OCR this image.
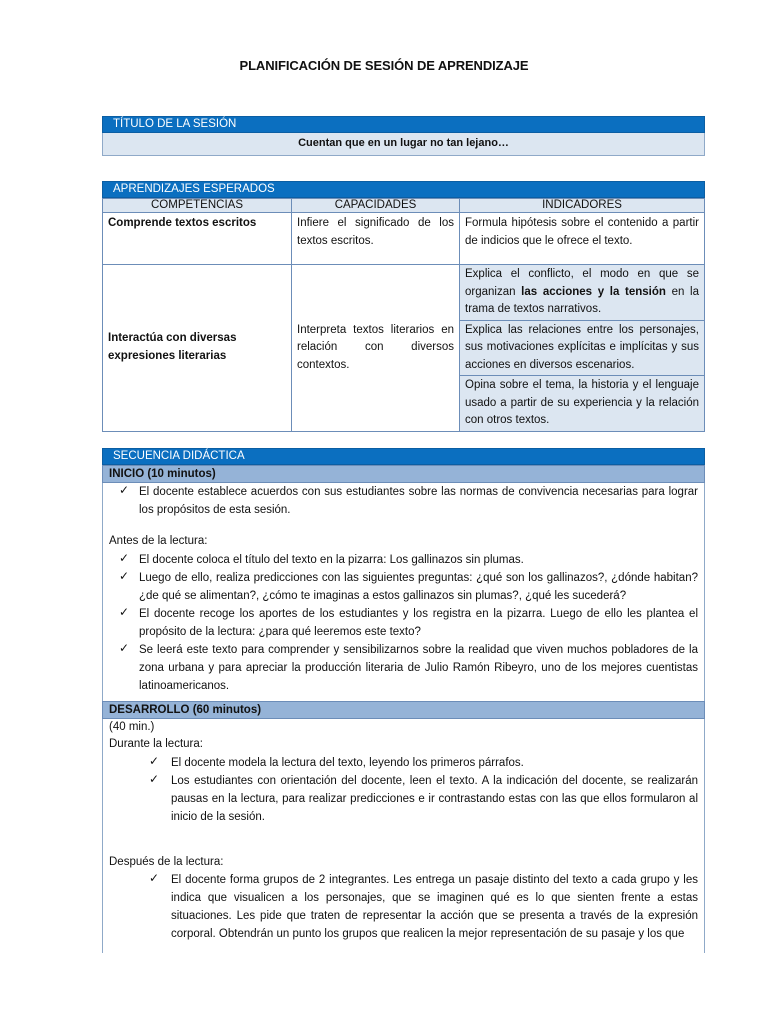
PLANIFICACIÓN DE SESIÓN DE APRENDIZAJE
TÍTULO DE LA SESIÓN
Cuentan que en un lugar no tan lejano…
APRENDIZAJES ESPERADOS
COMPETENCIAS	CAPACIDADES	INDICADORES
Comprende textos escritos	Infiere el significado de los textos escritos.	Formula hipótesis sobre el contenido a partir de indicios que le ofrece el texto.
Interactúa con diversas expresiones literarias	Interpreta textos literarios en relación con diversos contextos.	Explica el conflicto, el modo en que se organizan las acciones y la tensión en la trama de textos narrativos.
Explica las relaciones entre los personajes, sus motivaciones explícitas e implícitas y sus acciones en diversos escenarios.
Opina sobre el tema, la historia y el lenguaje usado a partir de su experiencia y la relación con otros textos.
SECUENCIA DIDÁCTICA
INICIO (10 minutos)
✓ El docente establece acuerdos con sus estudiantes sobre las normas de convivencia necesarias para lograr los propósitos de esta sesión.
Antes de la lectura:
✓ El docente coloca el título del texto en la pizarra: Los gallinazos sin plumas.
✓ Luego de ello, realiza predicciones con las siguientes preguntas: ¿qué son los gallinazos?, ¿dónde habitan? ¿de qué se alimentan?, ¿cómo te imaginas a estos gallinazos sin plumas?, ¿qué les sucederá?
✓ El docente recoge los aportes de los estudiantes y los registra en la pizarra. Luego de ello les plantea el propósito de la lectura: ¿para qué leeremos este texto?
✓ Se leerá este texto para comprender y sensibilizarnos sobre la realidad que viven muchos pobladores de la zona urbana y para apreciar la producción literaria de Julio Ramón Ribeyro, uno de los mejores cuentistas latinoamericanos.
DESARROLLO (60 minutos)
(40 min.)
Durante la lectura:
✓	El docente modela la lectura del texto, leyendo los primeros párrafos.
✓	Los estudiantes con orientación del docente, leen el texto. A la indicación del docente, se realizarán pausas en la lectura, para realizar predicciones e ir contrastando estas con las que ellos formularon al inicio de la sesión.
Después de la lectura:
✓	El docente forma grupos de 2 integrantes. Les entrega un pasaje distinto del texto a cada grupo y les indica que visualicen a los personajes, que se imaginen qué es lo que sienten frente a estas situaciones. Les pide que traten de representar la acción que se presenta a través de la expresión corporal. Obtendrán un punto los grupos que realicen la mejor representación de su pasaje y los que
